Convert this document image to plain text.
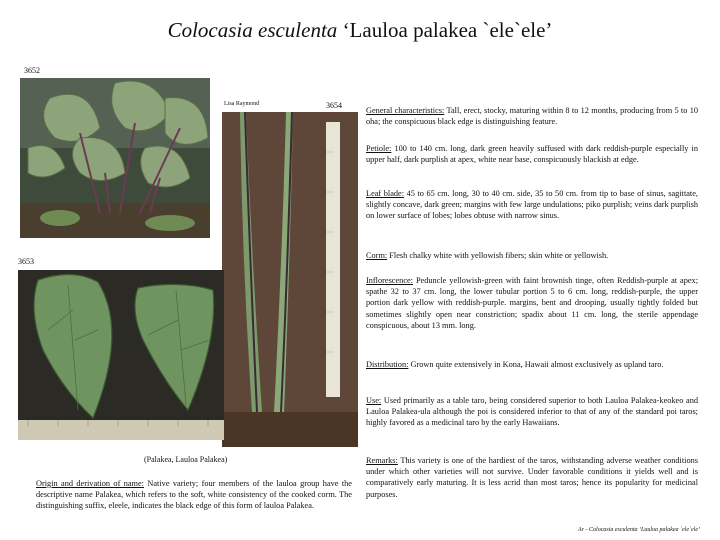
Colocasia esculenta ‘Lauloa palakea `ele`ele’
3652
3653
3654
Lisa Raymond
(Palakea, Lauloa Palakea)
Origin and derivation of name: Native variety; four members of the lauloa group have the descriptive name Palakea, which refers to the soft, white consistency of the cooked corm. The distinguishing suffix, eleele, indicates the black edge of this form of lauloa Palakea.
General characteristics: Tall, erect, stocky, maturing within 8 to 12 months, producing from 5 to 10 oha; the conspicuous black edge is distinguishing feature.
Petiole: 100 to 140 cm. long, dark green heavily suffused with dark reddish-purple especially in upper half, dark purplish at apex, white near base, conspicuously blackish at edge.
Leaf blade: 45 to 65 cm. long, 30 to 40 cm. side, 35 to 50 cm. from tip to base of sinus, sagittate, slightly concave, dark green; margins with few large undulations; piko purplish; veins dark purplish on lower surface of lobes; lobes obtuse with narrow sinus.
Corm: Flesh chalky white with yellowish fibers; skin white or yellowish.
Inflorescence: Peduncle yellowish-green with faint brownish tinge, often Reddish-purple at apex; spathe 32 to 37 cm. long, the lower tubular portion 5 to 6 cm. long, reddish-purple, the upper portion dark yellow with reddish-purple. margins, bent and drooping, usually tightly folded but sometimes slightly open near constriction; spadix about 11 cm. long, the sterile appendage conspicuous, about 13 mm. long.
Distribution: Grown quite extensively in Kona, Hawaii almost exclusively as upland taro.
Use: Used primarily as a table taro, being considered superior to both Lauloa Palakea-keokeo and Lauloa Palakea-ula although the poi is considered inferior to that of any of the standard poi taros; highly favored as a medicinal taro by the early Hawaiians.
Remarks: This variety is one of the hardiest of the taros, withstanding adverse weather conditions under which other varieties will not survive. Under favorable conditions it yields well and is comparatively early maturing. It is less acrid than most taros; hence its popularity for medicinal purposes.
Ar - Colocasia esculenta ‘Lauloa palakea `ele`ele’
